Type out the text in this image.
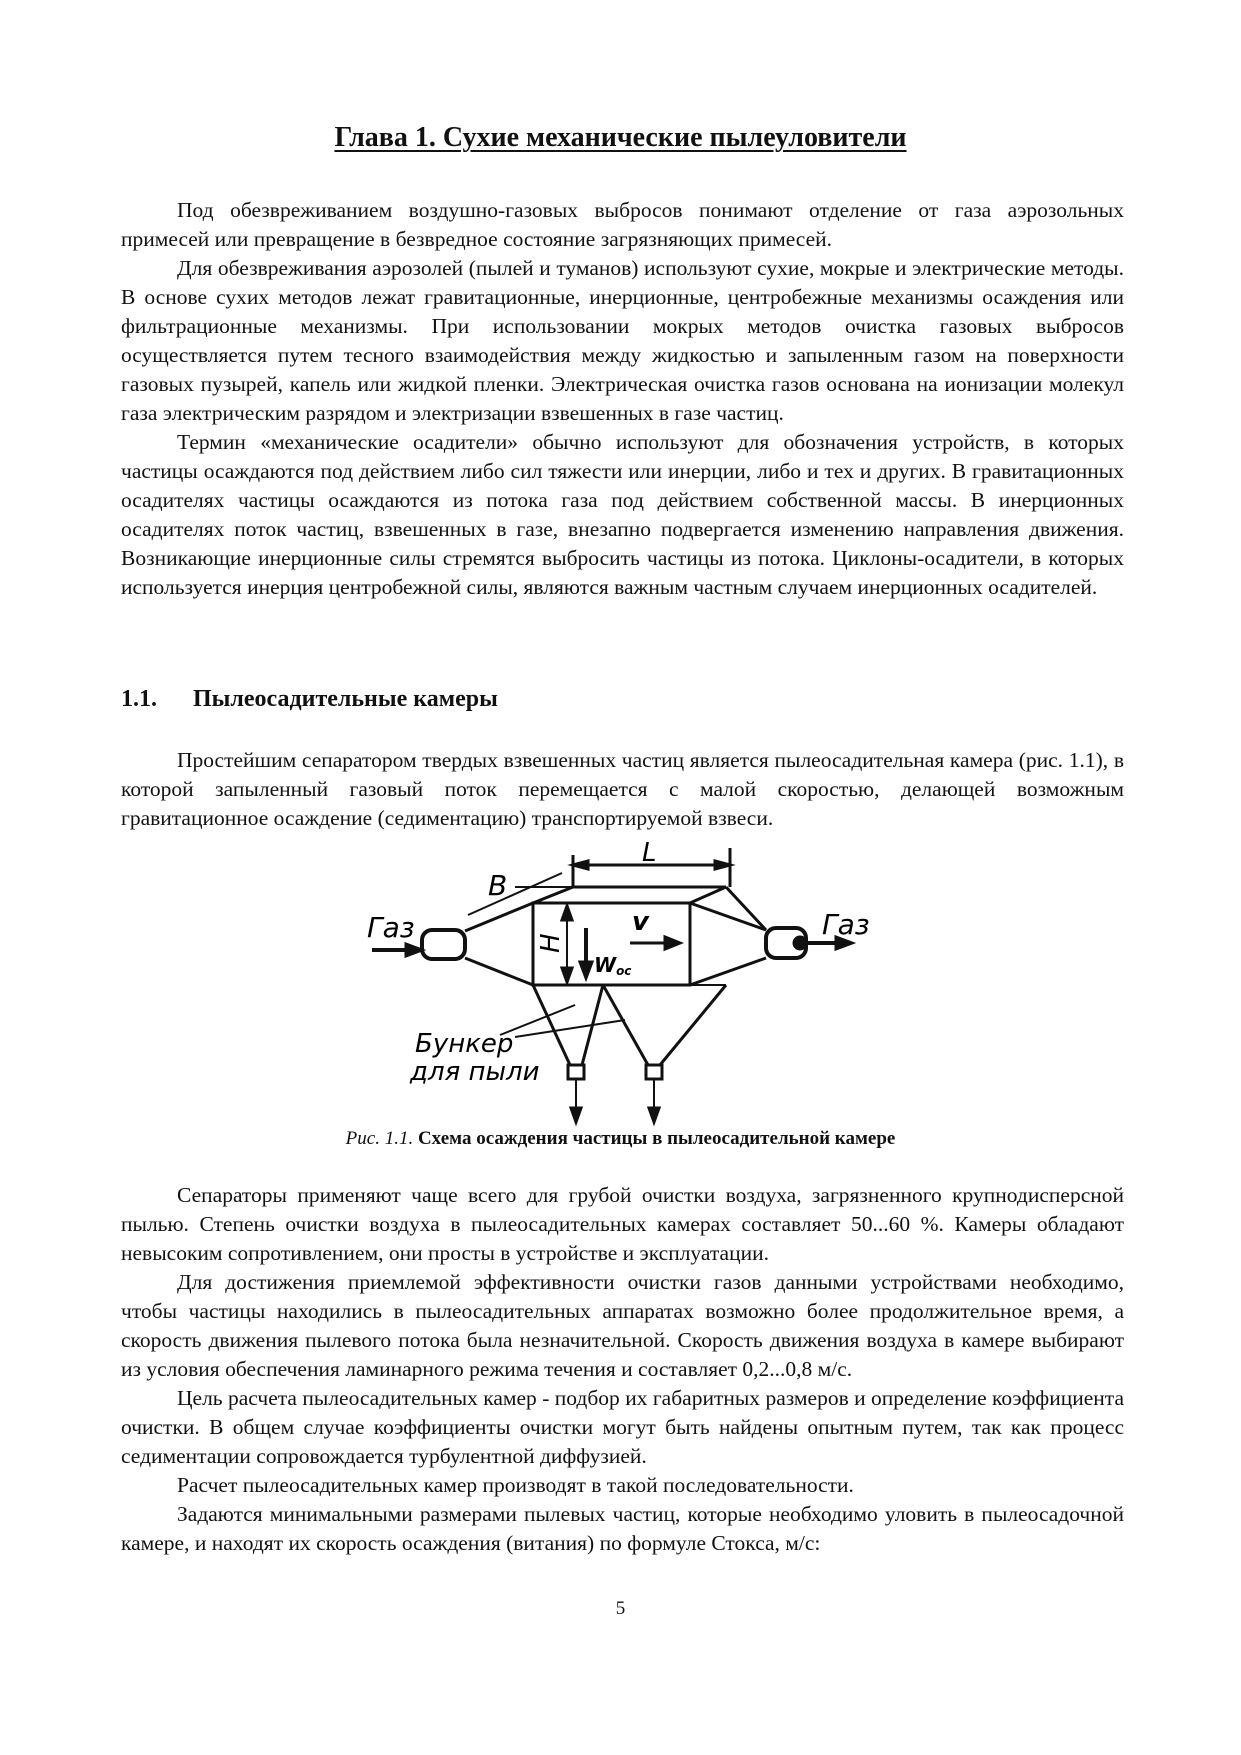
Глава 1. Сухие механические пылеуловители

Под обезвреживанием воздушно-газовых выбросов понимают отделение от газа аэрозольных примесей или превращение в безвредное состояние загрязняющих примесей.

Для обезвреживания аэрозолей (пылей и туманов) используют сухие, мокрые и электрические методы. В основе сухих методов лежат гравитационные, инерционные, центробежные механизмы осаждения или фильтрационные механизмы. При использовании мокрых методов очистка газовых выбросов осуществляется путем тесного взаимодействия между жидкостью и запыленным газом на поверхности газовых пузырей, капель или жидкой пленки. Электрическая очистка газов основана на ионизации молекул газа электрическим разрядом и электризации взвешенных в газе частиц.

Термин «механические осадители» обычно используют для обозначения устройств, в которых частицы осаждаются под действием либо сил тяжести или инерции, либо и тех и других. В гравитационных осадителях частицы осаждаются из потока газа под действием собственной массы. В инерционных осадителях поток частиц, взвешенных в газе, внезапно подвергается изменению направления движения. Возникающие инерционные силы стремятся выбросить частицы из потока. Циклоны-осадители, в которых используется инерция центробежной силы, являются важным частным случаем инерционных осадителей.

1.1. Пылеосадительные камеры

Простейшим сепаратором твердых взвешенных частиц является пылеосадительная камера (рис. 1.1), в которой запыленный газовый поток перемещается с малой скоростью, делающей возможным гравитационное осаждение (седиментацию) транспортируемой взвеси.

Газ	Газ
L
B
H
v
Wос
Бункер
для пыли
Рис. 1.1. Схема осаждения частицы в пылеосадительной камере

Сепараторы применяют чаще всего для грубой очистки воздуха, загрязненного крупнодисперсной пылью. Степень очистки воздуха в пылеосадительных камерах составляет 50...60 %. Камеры обладают невысоким сопротивлением, они просты в устройстве и эксплуатации.

Для достижения приемлемой эффективности очистки газов данными устройствами необходимо, чтобы частицы находились в пылеосадительных аппаратах возможно более продолжительное время, а скорость движения пылевого потока была незначительной. Скорость движения воздуха в камере выбирают из условия обеспечения ламинарного режима течения и составляет 0,2...0,8 м/с.

Цель расчета пылеосадительных камер - подбор их габаритных размеров и определение коэффициента очистки. В общем случае коэффициенты очистки могут быть найдены опытным путем, так как процесс седиментации сопровождается турбулентной диффузией.

Расчет пылеосадительных камер производят в такой последовательности.

Задаются минимальными размерами пылевых частиц, которые необходимо уловить в пылеосадочной камере, и находят их скорость осаждения (витания) по формуле Стокса, м/с:

5
